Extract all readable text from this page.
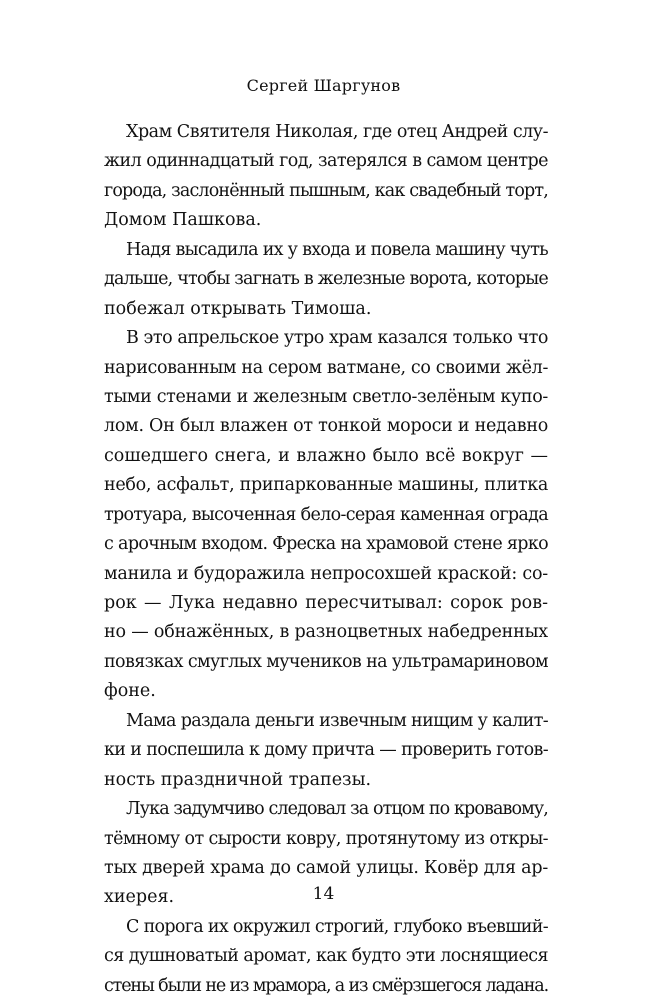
Сергей Шаргунов
Храм Святителя Николая, где отец Андрей слу-
жил одиннадцатый год, затерялся в самом центре
города, заслонённый пышным, как свадебный торт,
Домом Пашкова.
Надя высадила их у входа и повела машину чуть
дальше, чтобы загнать в железные ворота, которые
побежал открывать Тимоша.
В это апрельское утро храм казался только что
нарисованным на сером ватмане, со своими жёл-
тыми стенами и железным светло-зелёным купо-
лом. Он был влажен от тонкой мороси и недавно
сошедшего снега, и влажно было всё вокруг —
небо, асфальт, припаркованные машины, плитка
тротуара, высоченная бело-серая каменная ограда
с арочным входом. Фреска на храмовой стене ярко
манила и будоражила непросохшей краской: со-
рок — Лука недавно пересчитывал: сорок ров-
но — обнажённых, в разноцветных набедренных
повязках смуглых мучеников на ультрамариновом
фоне.
Мама раздала деньги извечным нищим у калит-
ки и поспешила к дому причта — проверить готов-
ность праздничной трапезы.
Лука задумчиво следовал за отцом по кровавому,
тёмному от сырости ковру, протянутому из откры-
тых дверей храма до самой улицы. Ковёр для ар-
хиерея.
С порога их окружил строгий, глубоко въевший-
ся душноватый аромат, как будто эти лоснящиеся
стены были не из мрамора, а из смёрзшегося ладана.
14
